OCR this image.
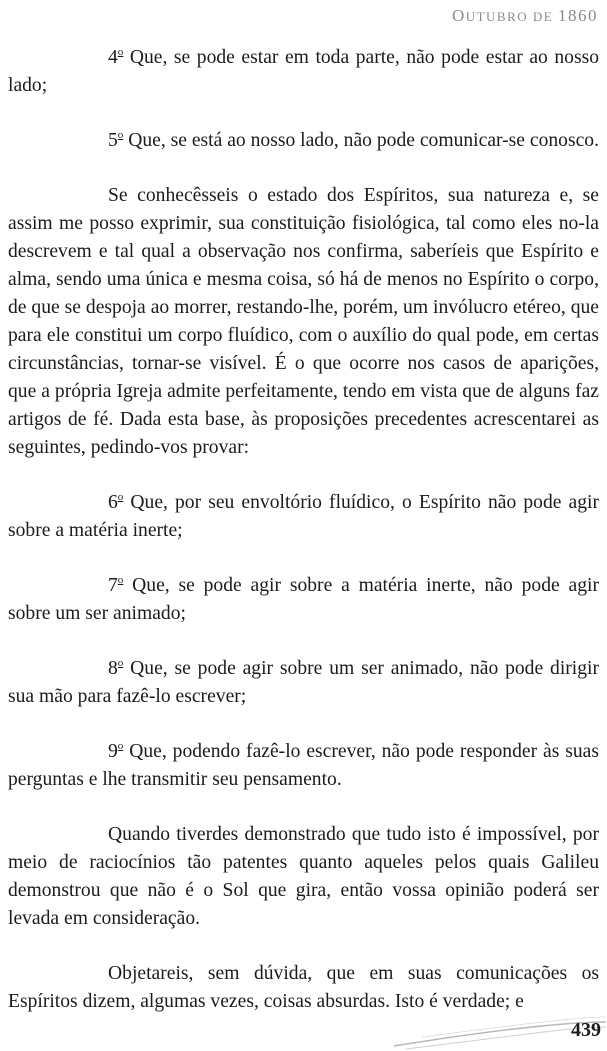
OUTUBRO DE 1860

4$^o$ Que, se pode estar em toda parte, não pode estar ao nosso lado;

5$^o$ Que, se está ao nosso lado, não pode comunicar-se conosco.

Se conhecêsseis o estado dos Espíritos, sua natureza e, se assim me posso exprimir, sua constituição fisiológica, tal como eles no-la descrevem e tal qual a observação nos confirma, saberíeis que Espírito e alma, sendo uma única e mesma coisa, só há de menos no Espírito o corpo, de que se despoja ao morrer, restando-lhe, porém, um invólucro etéreo, que para ele constitui um corpo fluídico, com o auxílio do qual pode, em certas circunstâncias, tornar-se visível. É o que ocorre nos casos de aparições, que a própria Igreja admite perfeitamente, tendo em vista que de alguns faz artigos de fé. Dada esta base, às proposições precedentes acrescentarei as seguintes, pedindo-vos provar:

6$^o$ Que, por seu envoltório fluídico, o Espírito não pode agir sobre a matéria inerte;

7$^o$ Que, se pode agir sobre a matéria inerte, não pode agir sobre um ser animado;

8$^o$ Que, se pode agir sobre um ser animado, não pode dirigir sua mão para fazê-lo escrever;

9$^o$ Que, podendo fazê-lo escrever, não pode responder às suas perguntas e lhe transmitir seu pensamento.

Quando tiverdes demonstrado que tudo isto é impossível, por meio de raciocínios tão patentes quanto aqueles pelos quais Galileu demonstrou que não é o Sol que gira, então vossa opinião poderá ser levada em consideração.

Objetareis, sem dúvida, que em suas comunicações os Espíritos dizem, algumas vezes, coisas absurdas. Isto é verdade; e

439
